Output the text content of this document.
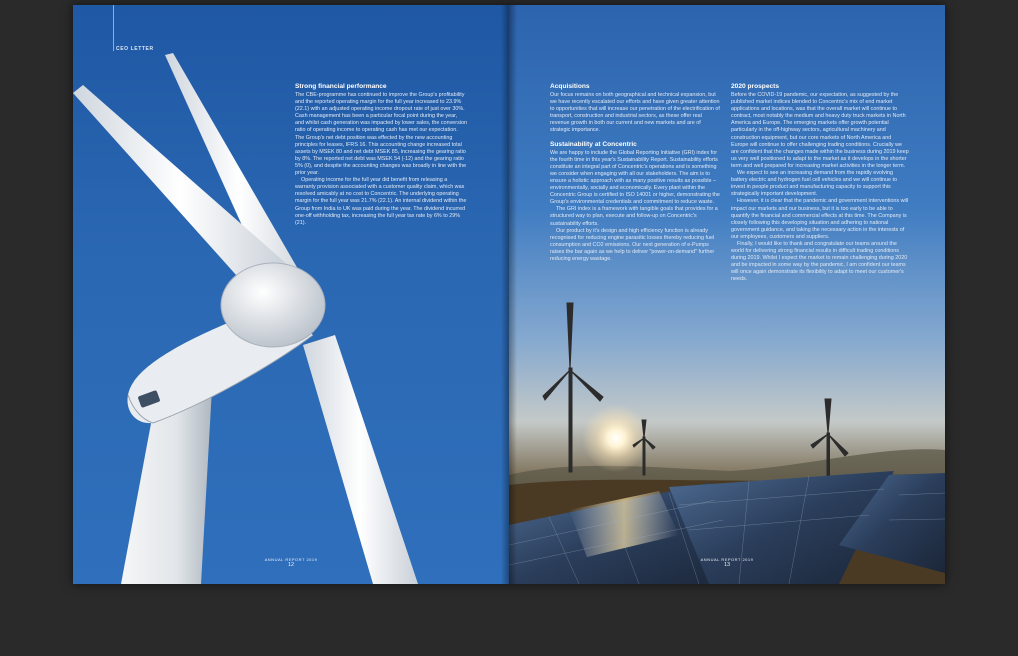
CEO LETTER
Strong financial performance

The CBE-programme has continued to improve the Group's profitability and the reported operating margin for the full year increased to 23.9% (22.1) with an adjusted operating income dropout rate of just over 30%. Cash management has been a particular focal point during the year, and whilst cash generation was impacted by lower sales, the conversion ratio of operating income to operating cash has met our expectation. The Group's net debt position was effected by the new accounting principles for leases, IFRS 16. This accounting change increased total assets by MSEK 80 and net debt MSEK 85, increasing the gearing ratio by 8%. The reported net debt was MSEK 54 (-12) and the gearing ratio 5% (0), and despite the accounting changes was broadly in line with the prior year.

Operating income for the full year did benefit from releasing a warranty provision associated with a customer quality claim, which was resolved amicably at no cost to Concentric. The underlying operating margin for the full year was 21.7% (22.1). An internal dividend within the Group from India to UK was paid during the year. The dividend incurred one-off withholding tax, increasing the full year tax rate by 6% to 29% (21).

ANNUAL REPORT 2019
12
Acquisitions

Our focus remains on both geographical and technical expansion, but we have recently escalated our efforts and have given greater attention to opportunities that will increase our penetration of the electrification of transport, construction and industrial sectors, as these offer real revenue growth in both our current and new markets and are of strategic importance.

Sustainability at Concentric

We are happy to include the Global Reporting Initiative (GRI) index for the fourth time in this year's Sustainability Report. Sustainability efforts constitute an integral part of Concentric's operations and is something we consider when engaging with all our stakeholders. The aim is to ensure a holistic approach with as many positive results as possible – environmentally, socially and economically. Every plant within the Concentric Group is certified to ISO 14001 or higher, demonstrating the Group's environmental credentials and commitment to reduce waste.

The GRI index is a framework with tangible goals that provides for a structured way to plan, execute and follow-up on Concentric's sustainability efforts.

Our product by it's design and high efficiency function is already recognised for reducing engine parasitic losses thereby reducing fuel consumption and CO2 emissions. Our next generation of e-Pumps raises the bar again as we help to deliver "power-on-demand" further reducing energy wastage.

2020 prospects

Before the COVID-19 pandemic, our expectation, as suggested by the published market indices blended to Concentric's mix of end market applications and locations, was that the overall market will continue to contract, most notably the medium and heavy duty truck markets in North America and Europe. The emerging markets offer growth potential particularly in the off-highway sectors, agricultural machinery and construction equipment, but our core markets of North America and Europe will continue to offer challenging trading conditions. Crucially we are confident that the changes made within the business during 2019 keep us very well positioned to adapt to the market as it develops in the shorter term and well prepared for increasing market activities in the longer term.

We expect to see an increasing demand from the rapidly evolving battery electric and hydrogen fuel cell vehicles and we will continue to invest in people product and manufacturing capacity to support this strategically important development.

However, it is clear that the pandemic and government interventions will impact our markets and our business, but it is too early to be able to quantify the financial and commercial effects at this time. The Company is closely following this developing situation and adhering to national government guidance, and taking the necessary action in the interests of our employees, customers and suppliers.

Finally, I would like to thank and congratulate our teams around the world for delivering strong financial results in difficult trading conditions during 2019. Whilst I expect the market to remain challenging during 2020 and be impacted in some way by the pandemic, I am confident our teams will once again demonstrate its flexibility to adapt to meet our customer's needs.

ANNUAL REPORT 2019
13
